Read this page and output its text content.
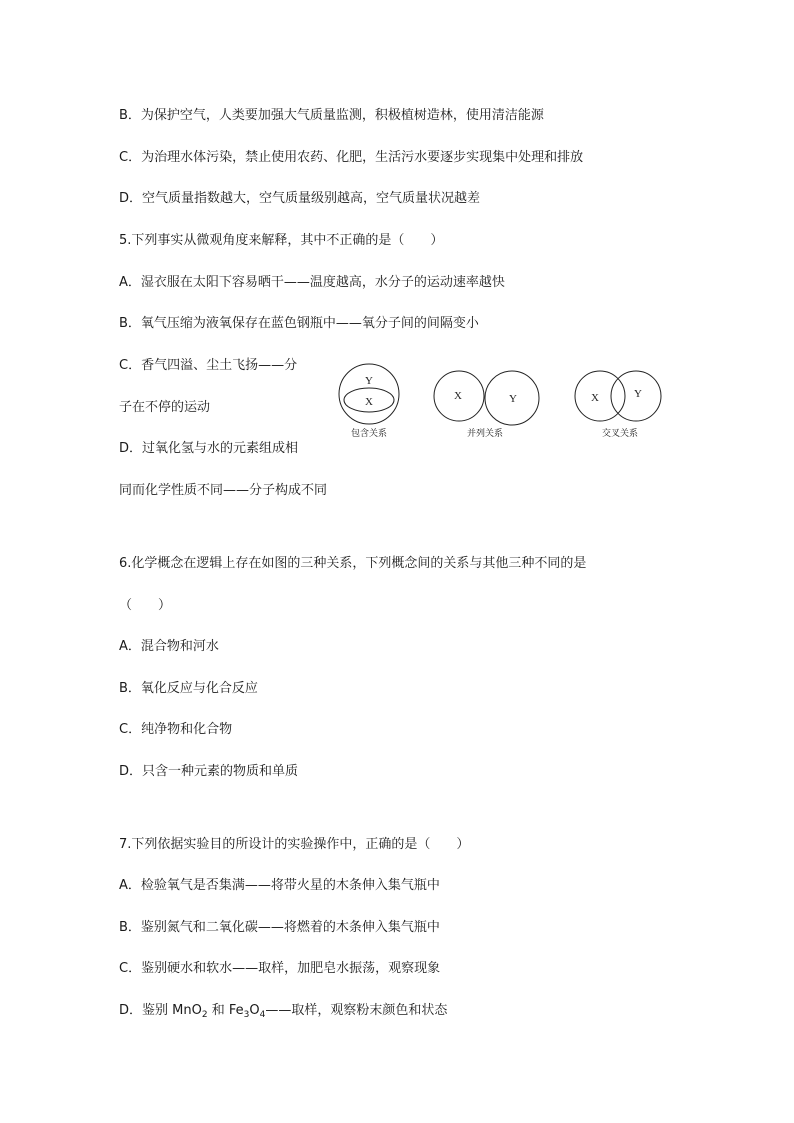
B．为保护空气，人类要加强大气质量监测，积极植树造林，使用清洁能源
C．为治理水体污染，禁止使用农药、化肥，生活污水要逐步实现集中处理和排放
D．空气质量指数越大，空气质量级别越高，空气质量状况越差
5.下列事实从微观角度来解释，其中不正确的是（　　）
A．湿衣服在太阳下容易晒干——温度越高，水分子的运动速率越快
B．氧气压缩为液氧保存在蓝色钢瓶中——氧分子间的间隔变小
C．香气四溢、尘土飞扬——分
子在不停的运动
D．过氧化氢与水的元素组成相
同而化学性质不同——分子构成不同
Y
X
包含关系
X	Y
并列关系
X	Y
交叉关系
6.化学概念在逻辑上存在如图的三种关系，下列概念间的关系与其他三种不同的是
（　　）
A．混合物和河水
B．氧化反应与化合反应
C．纯净物和化合物
D．只含一种元素的物质和单质
7.下列依据实验目的所设计的实验操作中，正确的是（　　）
A．检验氧气是否集满——将带火星的木条伸入集气瓶中
B．鉴别氮气和二氧化碳——将燃着的木条伸入集气瓶中
C．鉴别硬水和软水——取样，加肥皂水振荡，观察现象
D．鉴别 MnO$_2$ 和 $Fe_3O_4——$取样，观察粉末颜色和状态
